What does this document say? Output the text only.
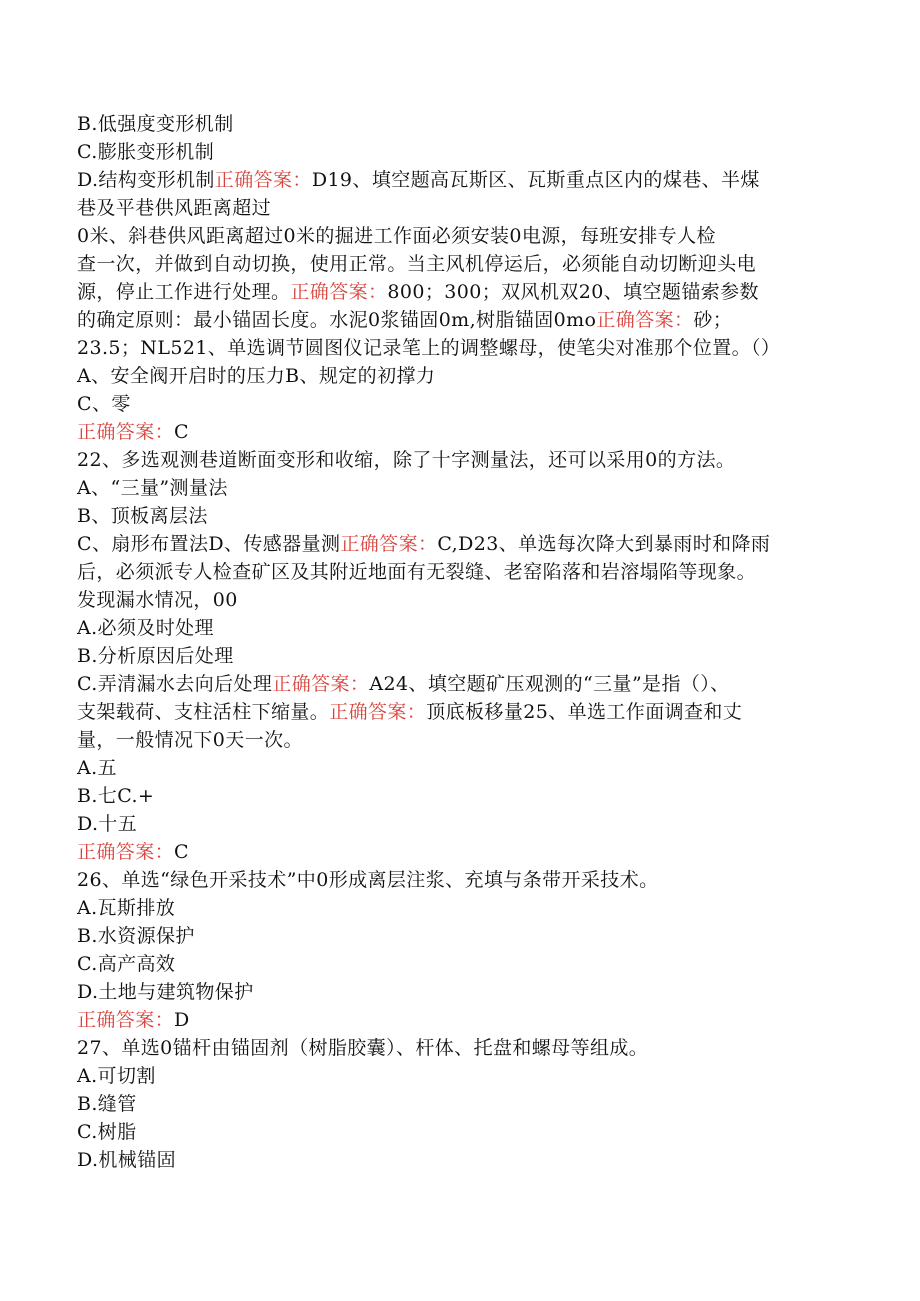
B.低强度变形机制

C.膨胀变形机制

D.结构变形机制正确答案：D19、填空题高瓦斯区、瓦斯重点区内的煤巷、半煤

巷及平巷供风距离超过

0米、斜巷供风距离超过0米的掘进工作面必须安装0电源，每班安排专人检

查一次，并做到自动切换，使用正常。当主风机停运后，必须能自动切断迎头电

源，停止工作进行处理。正确答案：800；300；双风机双20、填空题锚索参数

的确定原则：最小锚固长度。水泥0浆锚固0m,树脂锚固0mo正确答案：砂；

23.5；NL521、单选调节圆图仪记录笔上的调整螺母，使笔尖对准那个位置。（）

A、安全阀开启时的压力B、规定的初撑力

C、零

正确答案：C

22、多选观测巷道断面变形和收缩，除了十字测量法，还可以采用0的方法。

A、“三量”测量法

B、顶板离层法

C、扇形布置法D、传感器量测正确答案：C,D23、单选每次降大到暴雨时和降雨

后，必须派专人检查矿区及其附近地面有无裂缝、老窑陷落和岩溶塌陷等现象。

发现漏水情况，00

A.必须及时处理

B.分析原因后处理

C.弄清漏水去向后处理正确答案：A24、填空题矿压观测的“三量”是指（）、

支架载荷、支柱活柱下缩量。正确答案：顶底板移量25、单选工作面调查和丈

量，一般情况下0天一次。

A.五

B.七C.+

D.十五

正确答案：C

26、单选“绿色开采技术”中0形成离层注浆、充填与条带开采技术。

A.瓦斯排放

B.水资源保护

C.高产高效

D.土地与建筑物保护

正确答案：D

27、单选0锚杆由锚固剂（树脂胶囊）、杆体、托盘和螺母等组成。

A.可切割

B.缝管

C.树脂

D.机械锚固
